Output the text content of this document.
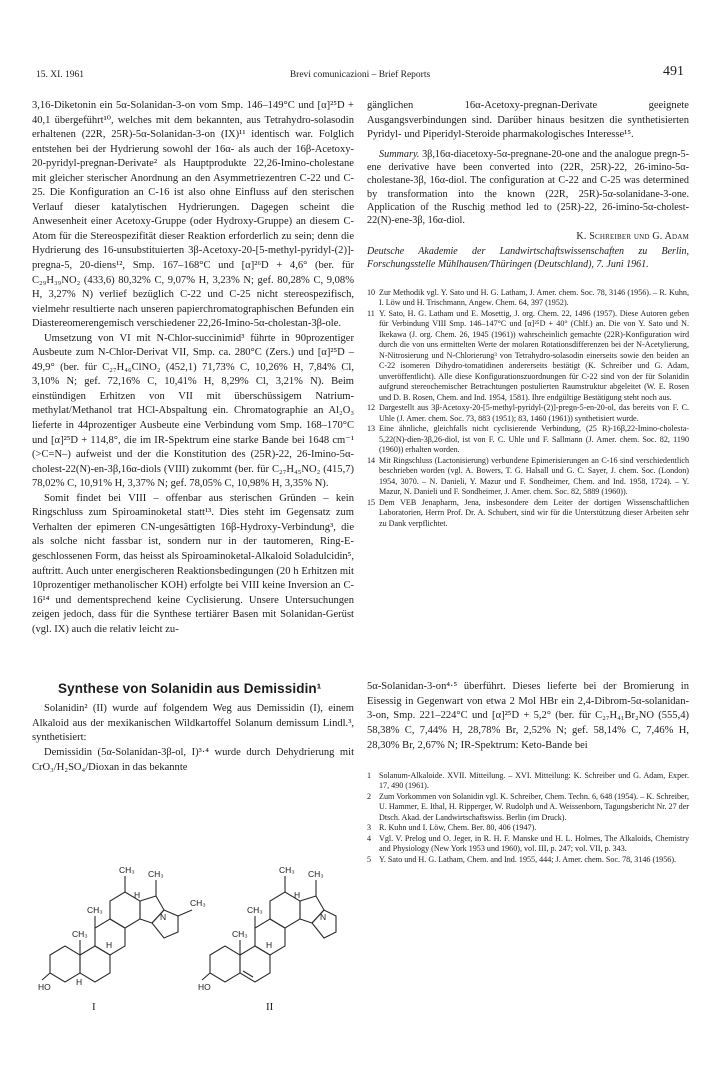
15. XI. 1961	Brevi comunicazioni – Brief Reports	491

3,16-Diketonin ein 5α-Solanidan-3-on vom Smp. 146–149°C und [α]²⁵D + 40,1 übergeführt¹⁰, welches mit dem bekannten, aus Tetrahydro-solasodin erhaltenen (22R, 25R)-5α-Solanidan-3-on (IX)¹¹ identisch war. Folglich entstehen bei der Hydrierung sowohl der 16α- als auch der 16β-Acetoxy-20-pyridyl-pregnan-Derivate² als Hauptprodukte 22,26-Imino-cholestane mit gleicher sterischer Anordnung an den Asymmetriezentren C-22 und C-25. Die Konfiguration an C-16 ist also ohne Einfluss auf den sterischen Verlauf dieser katalytischen Hydrierungen. Dagegen scheint die Anwesenheit einer Acetoxy-Gruppe (oder Hydroxy-Gruppe) an diesem C-Atom für die Stereospezifität dieser Reaktion erforderlich zu sein; denn die Hydrierung des 16-unsubstituierten 3β-Acetoxy-20-[5-methyl-pyridyl-(2)]-pregna-5, 20-diens¹², Smp. 167–168°C und [α]²⁶D + 4,6° (ber. für C₂₉H₃₉NO₂ (433,6) 80,32% C, 9,07% H, 3,23% N; gef. 80,28% C, 9,08% H, 3,27% N) verlief bezüglich C-22 und C-25 nicht stereospezifisch, vielmehr resultierte nach unseren papierchromatographischen Befunden ein Diastereomerengemisch verschiedener 22,26-Imino-5α-cholestan-3β-ole.

Umsetzung von VI mit N-Chlor-succinimid³ führte in 90prozentiger Ausbeute zum N-Chlor-Derivat VII, Smp. ca. 280°C (Zers.) und [α]²⁵D – 49,9° (ber. für C₂₇H₄₆ClNO₂ (452,1) 71,73% C, 10,26% H, 7,84% Cl, 3,10% N; gef. 72,16% C, 10,41% H, 8,29% Cl, 3,21% N). Beim einstündigen Erhitzen von VII mit überschüssigem Natrium-methylat/Methanol trat HCl-Abspaltung ein. Chromatographie an Al₂O₃ lieferte in 44prozentiger Ausbeute eine Verbindung vom Smp. 168–170°C und [α]²⁵D + 114,8°, die im IR-Spektrum eine starke Bande bei 1648 cm⁻¹ (>C=N–) aufweist und der die Konstitution des (25R)-22, 26-Imino-5α-cholest-22(N)-en-3β,16α-diols (VIII) zukommt (ber. für C₂₇H₄₅NO₂ (415,7) 78,02% C, 10,91% H, 3,37% N; gef. 78,05% C, 10,98% H, 3,35% N).

Somit findet bei VIII – offenbar aus sterischen Gründen – kein Ringschluss zum Spiroaminoketal statt¹³. Dies steht im Gegensatz zum Verhalten der epimeren CN-ungesättigten 16β-Hydroxy-Verbindung³, die als solche nicht fassbar ist, sondern nur in der tautomeren, Ring-E-geschlossenen Form, das heisst als Spiroaminoketal-Alkaloid Soladulcidin⁵, auftritt. Auch unter energischeren Reaktionsbedingungen (20 h Erhitzen mit 10prozentiger methanolischer KOH) erfolgte bei VIII keine Inversion an C-16¹⁴ und dementsprechend keine Cyclisierung. Unsere Untersuchungen zeigen jedoch, dass für die Synthese tertiärer Basen mit Solanidan-Gerüst (vgl. IX) auch die relativ leicht zu-

gänglichen 16α-Acetoxy-pregnan-Derivate geeignete Ausgangsverbindungen sind. Darüber hinaus besitzen die synthetisierten Pyridyl- und Piperidyl-Steroide pharmakologisches Interesse¹⁵.

Summary. 3β,16α-diacetoxy-5α-pregnane-20-one and the analogue pregn-5-ene derivative have been converted into (22R, 25R)-22, 26-imino-5α-cholestane-3β, 16α-diol. The configuration at C-22 and C-25 was determined by transformation into the known (22R, 25R)-5α-solanidane-3-one. Application of the Ruschig method led to (25R)-22, 26-imino-5α-cholest-22(N)-ene-3β, 16α-diol.

K. Schreiber und G. Adam

Deutsche Akademie der Landwirtschaftswissenschaften zu Berlin, Forschungsstelle Mühlhausen/Thüringen (Deutschland), 7. Juni 1961.

10 Zur Methodik vgl. Y. Sato und H. G. Latham, J. Amer. chem. Soc. 78, 3146 (1956). – R. Kuhn, I. Löw und H. Trischmann, Angew. Chem. 64, 397 (1952).

11 Y. Sato, H. G. Latham und E. Mosettig, J. org. Chem. 22, 1496 (1957). Diese Autoren geben für Verbindung VIII Smp. 146–147°C und [α]²⁵D + 40° (Chlf.) an. Die von Y. Sato und N. Ikekawa (J. org. Chem. 26, 1945 (1961)) wahrscheinlich gemachte (22R)-Konfiguration wird durch die von uns ermittelten Werte der molaren Rotationsdifferenzen bei der N-Acetylierung, N-Nitrosierung und N-Chlorierung³ von Tetrahydro-solasodin einerseits sowie den beiden an C-22 isomeren Dihydro-tomatidinen andererseits bestätigt (K. Schreiber und G. Adam, unveröffentlicht). Alle diese Konfigurationszuordnungen für C-22 sind von der für Solanidin aufgrund stereochemischer Betrachtungen postulierten Raumstruktur abgeleitet (W. E. Rosen und D. B. Rosen, Chem. and Ind. 1954, 1581). Ihre endgültige Bestätigung steht noch aus.

12 Dargestellt aus 3β-Acetoxy-20-[5-methyl-pyridyl-(2)]-pregn-5-en-20-ol, das bereits von F. C. Uhle (J. Amer. chem. Soc. 73, 883 (1951); 83, 1460 (1961)) synthetisiert wurde.

13 Eine ähnliche, gleichfalls nicht cyclisierende Verbindung, (25 R)-16β,22-Imino-cholesta-5,22(N)-dien-3β,26-diol, ist von F. C. Uhle und F. Sallmann (J. Amer. chem. Soc. 82, 1190 (1960)) erhalten worden.

14 Mit Ringschluss (Lactonisierung) verbundene Epimerisierungen an C-16 sind verschiedentlich beschrieben worden (vgl. A. Bowers, T. G. Halsall und G. C. Sayer, J. chem. Soc. (London) 1954, 3070. – N. Danieli, Y. Mazur und F. Sondheimer, Chem. and Ind. 1958, 1724). – Y. Mazur, N. Danieli und F. Sondheimer, J. Amer. chem. Soc. 82, 5889 (1960)).

15 Dem VEB Jenapharm, Jena, insbesondere dem Leiter der dortigen Wissenschaftlichen Laboratorien, Herrn Prof. Dr. A. Schubert, sind wir für die Unterstützung dieser Arbeiten sehr zu Dank verpflichtet.

Synthese von Solanidin aus Demissidin¹

Solanidin² (II) wurde auf folgendem Weg aus Demissidin (I), einem Alkaloid aus der mexikanischen Wildkartoffel Solanum demissum Lindl.³, synthetisiert:

Demissidin (5α-Solanidan-3β-ol, I)³·⁴ wurde durch Dehydrierung mit CrO₃/H₂SO₄/Dioxan in das bekannte

HO	HO
CH₃
CH₃
CH₃
CH₃
CH₃
CH₃
CH₃
CH₃
CH₃
N	N
H
H
H
H
H
I	II

5α-Solanidan-3-on⁴·⁵ überführt. Dieses lieferte bei der Bromierung in Eisessig in Gegenwart von etwa 2 Mol HBr ein 2,4-Dibrom-5α-solanidan-3-on, Smp. 221–224°C und [α]²⁵D + 5,2° (ber. für C₂₇H₄₁Br₂NO (555,4) 58,38% C, 7,44% H, 28,78% Br, 2,52% N; gef. 58,14% C, 7,46% H, 28,30% Br, 2,67% N; IR-Spektrum: Keto-Bande bei

1 Solanum-Alkaloide. XVII. Mitteilung. – XVI. Mitteilung: K. Schreiber und G. Adam, Exper. 17, 490 (1961).

2 Zum Vorkommen von Solanidin vgl. K. Schreiber, Chem. Techn. 6, 648 (1954). – K. Schreiber, U. Hammer, E. Ithal, H. Ripperger, W. Rudolph und A. Weissenborn, Tagungsbericht Nr. 27 der Dtsch. Akad. der Landwirtschaftswiss. Berlin (im Druck).

3 R. Kuhn und I. Löw, Chem. Ber. 80, 406 (1947).

4 Vgl. V. Prelog und O. Jeger, in R. H. F. Manske und H. L. Holmes, The Alkaloids, Chemistry and Physiology (New York 1953 und 1960), vol. III, p. 247; vol. VII, p. 343.

5 Y. Sato und H. G. Latham, Chem. and Ind. 1955, 444; J. Amer. chem. Soc. 78, 3146 (1956).
